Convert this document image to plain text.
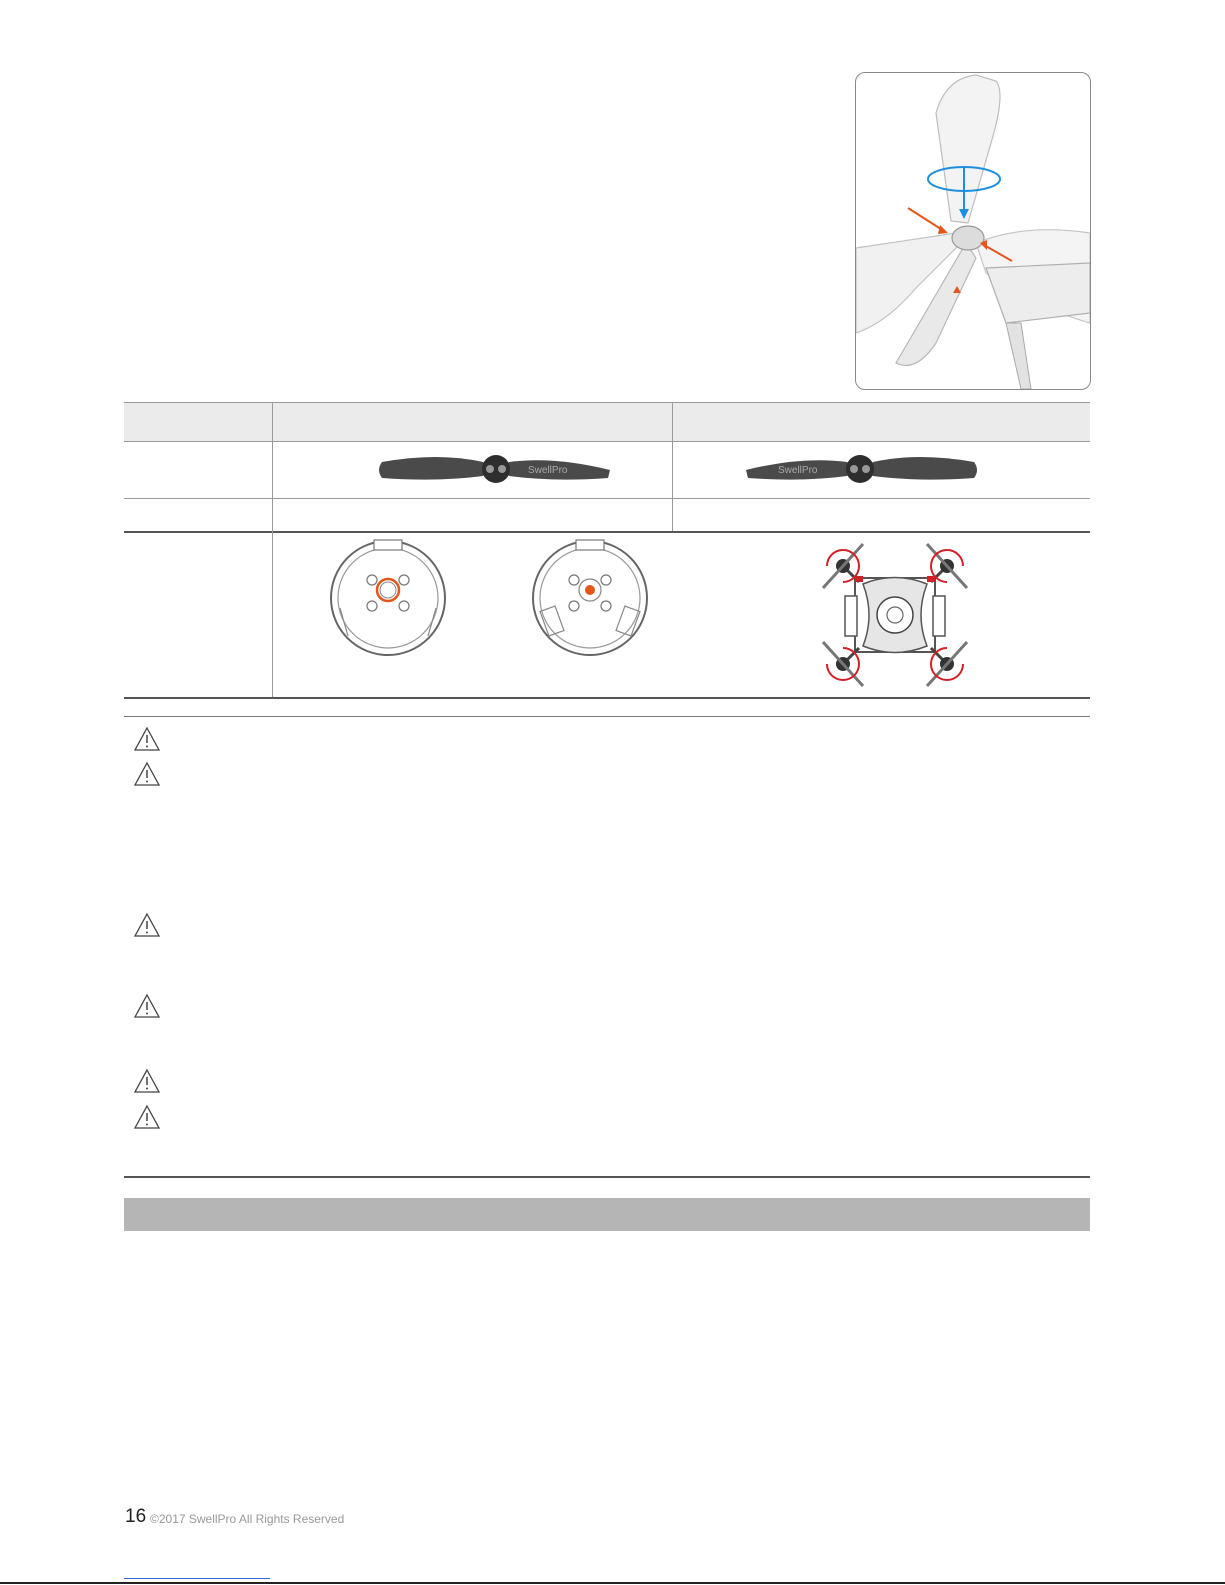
SwellPro	SwellPro
16 ©2017 SwellPro All Rights Reserved
